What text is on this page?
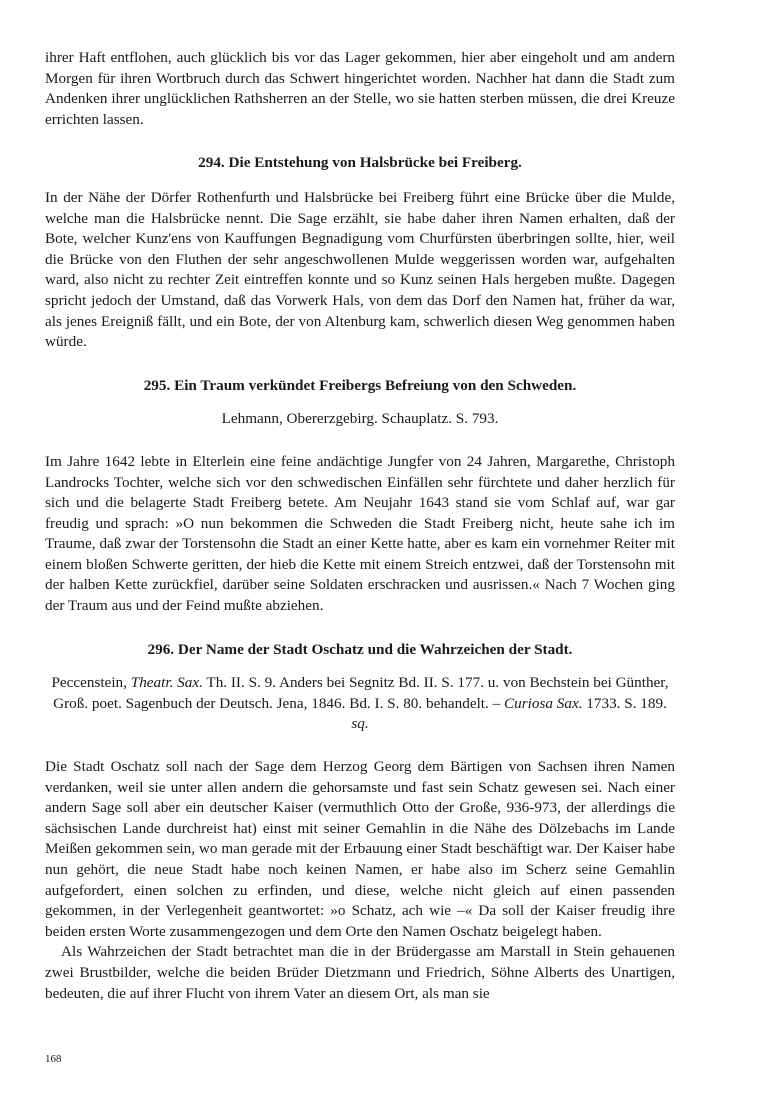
ihrer Haft entflohen, auch glücklich bis vor das Lager gekommen, hier aber eingeholt und am andern Morgen für ihren Wortbruch durch das Schwert hingerichtet worden. Nachher hat dann die Stadt zum Andenken ihrer unglücklichen Rathsherren an der Stelle, wo sie hatten sterben müssen, die drei Kreuze errichten lassen.

294. Die Entstehung von Halsbrücke bei Freiberg.

In der Nähe der Dörfer Rothenfurth und Halsbrücke bei Freiberg führt eine Brücke über die Mulde, welche man die Halsbrücke nennt. Die Sage erzählt, sie habe daher ihren Namen erhalten, daß der Bote, welcher Kunz'ens von Kauffungen Begnadigung vom Churfürsten überbringen sollte, hier, weil die Brücke von den Fluthen der sehr angeschwollenen Mulde weggerissen worden war, aufgehalten ward, also nicht zu rechter Zeit eintreffen konnte und so Kunz seinen Hals hergeben mußte. Dagegen spricht jedoch der Umstand, daß das Vorwerk Hals, von dem das Dorf den Namen hat, früher da war, als jenes Ereigniß fällt, und ein Bote, der von Altenburg kam, schwerlich diesen Weg genommen haben würde.

295. Ein Traum verkündet Freibergs Befreiung von den Schweden.
Lehmann, Obererzgebirg. Schauplatz. S. 793.

Im Jahre 1642 lebte in Elterlein eine feine andächtige Jungfer von 24 Jahren, Margarethe, Christoph Landrocks Tochter, welche sich vor den schwedischen Einfällen sehr fürchtete und daher herzlich für sich und die belagerte Stadt Freiberg betete. Am Neujahr 1643 stand sie vom Schlaf auf, war gar freudig und sprach: »O nun bekommen die Schweden die Stadt Freiberg nicht, heute sahe ich im Traume, daß zwar der Torstensohn die Stadt an einer Kette hatte, aber es kam ein vornehmer Reiter mit einem bloßen Schwerte geritten, der hieb die Kette mit einem Streich entzwei, daß der Torstensohn mit der halben Kette zurückfiel, darüber seine Soldaten erschracken und ausrissen.« Nach 7 Wochen ging der Traum aus und der Feind mußte abziehen.

296. Der Name der Stadt Oschatz und die Wahrzeichen der Stadt.
Peccenstein, Theatr. Sax. Th. II. S. 9. Anders bei Segnitz Bd. II. S. 177. u. von Bechstein bei Günther, Groß. poet. Sagenbuch der Deutsch. Jena, 1846. Bd. I. S. 80. behandelt. – Curiosa Sax. 1733. S. 189. sq.

Die Stadt Oschatz soll nach der Sage dem Herzog Georg dem Bärtigen von Sachsen ihren Namen verdanken, weil sie unter allen andern die gehorsamste und fast sein Schatz gewesen sei. Nach einer andern Sage soll aber ein deutscher Kaiser (vermuthlich Otto der Große, 936-973, der allerdings die sächsischen Lande durchreist hat) einst mit seiner Gemahlin in die Nähe des Dölzebachs im Lande Meißen gekommen sein, wo man gerade mit der Erbauung einer Stadt beschäftigt war. Der Kaiser habe nun gehört, die neue Stadt habe noch keinen Namen, er habe also im Scherz seine Gemahlin aufgefordert, einen solchen zu erfinden, und diese, welche nicht gleich auf einen passenden gekommen, in der Verlegenheit geantwortet: »o Schatz, ach wie –« Da soll der Kaiser freudig ihre beiden ersten Worte zusammengezogen und dem Orte den Namen Oschatz beigelegt haben.

Als Wahrzeichen der Stadt betrachtet man die in der Brüdergasse am Marstall in Stein gehauenen zwei Brustbilder, welche die beiden Brüder Dietzmann und Friedrich, Söhne Alberts des Unartigen, bedeuten, die auf ihrer Flucht von ihrem Vater an diesem Ort, als man sie

168
